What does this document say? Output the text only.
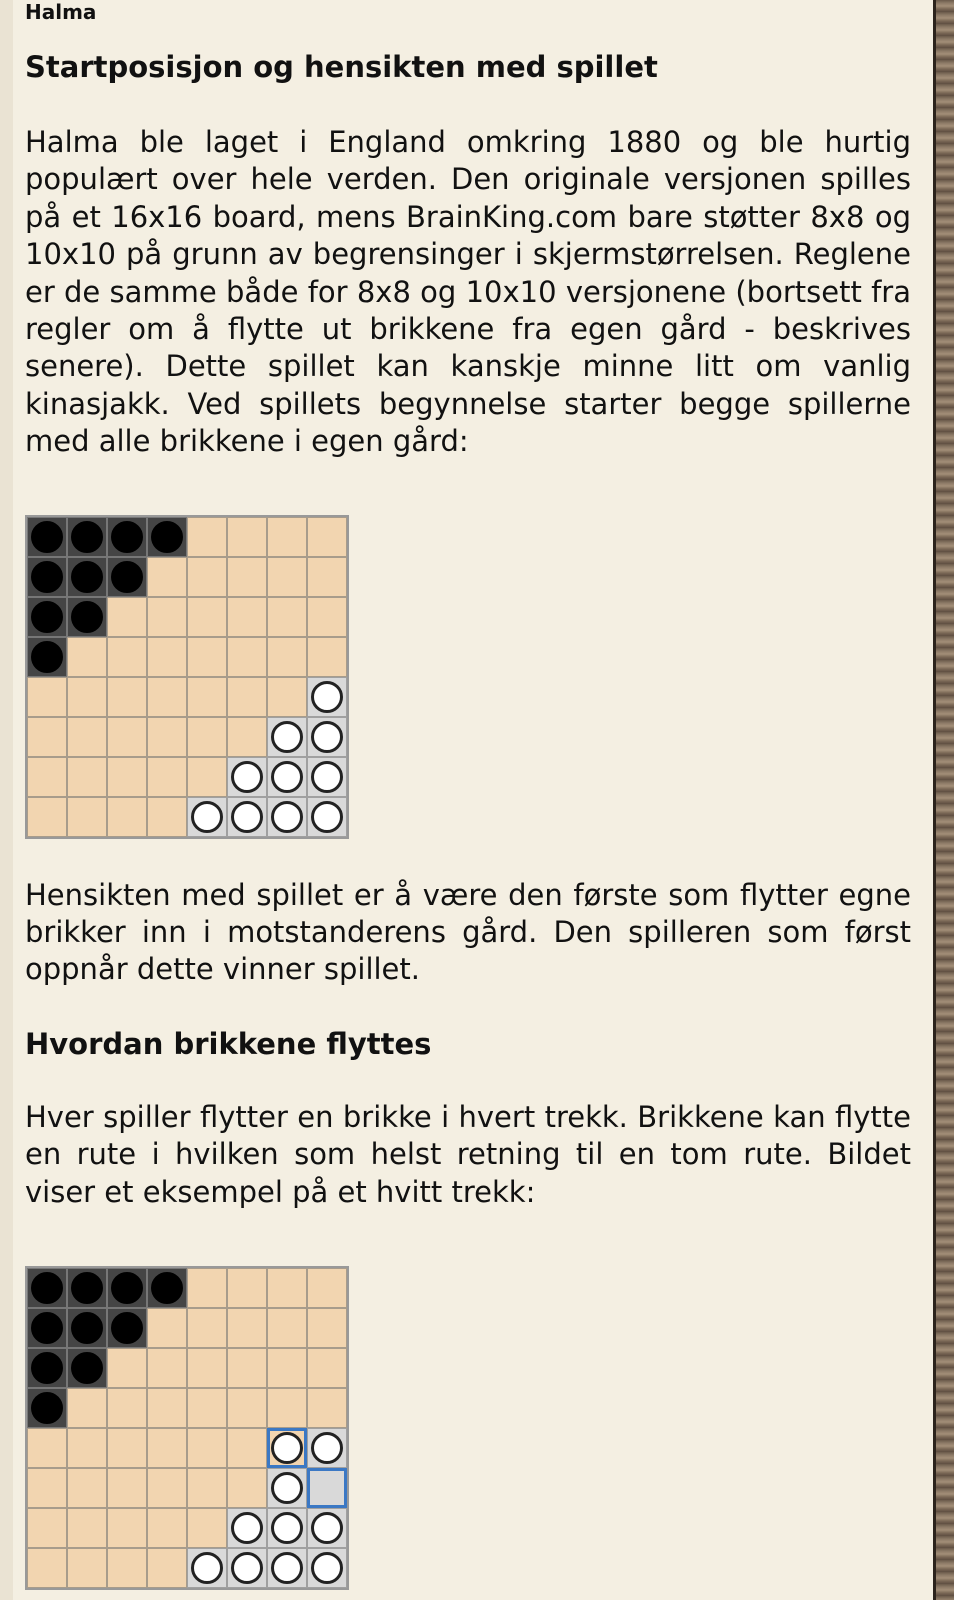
Halma
Startposisjon og hensikten med spillet

Halma ble laget i England omkring 1880 og ble hurtig populært over hele verden. Den originale versjonen spilles på et 16x16 board, mens BrainKing.com bare støtter 8x8 og 10x10 på grunn av begrensinger i skjermstørrelsen. Reglene er de samme både for 8x8 og 10x10 versjonene (bortsett fra regler om å flytte ut brikkene fra egen gård - beskrives senere). Dette spillet kan kanskje minne litt om vanlig kinasjakk. Ved spillets begynnelse starter begge spillerne med alle brikkene i egen gård:

Hensikten med spillet er å være den første som flytter egne brikker inn i motstanderens gård. Den spilleren som først oppnår dette vinner spillet.

Hvordan brikkene flyttes

Hver spiller flytter en brikke i hvert trekk. Brikkene kan flytte en rute i hvilken som helst retning til en tom rute. Bildet viser et eksempel på et hvitt trekk:
